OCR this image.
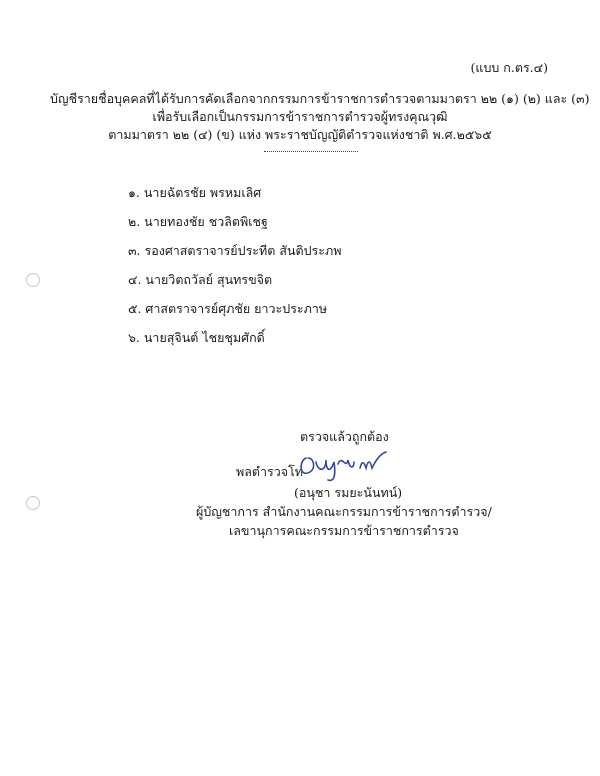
(แบบ ก.ตร.๔)
บัญชีรายชื่อบุคคลที่ได้รับการคัดเลือกจากกรรมการข้าราชการตำรวจตามมาตรา ๒๒ (๑) (๒) และ (๓)
เพื่อรับเลือกเป็นกรรมการข้าราชการตำรวจผู้ทรงคุณวุฒิ
ตามมาตรา ๒๒ (๔) (ข) แห่ง พระราชบัญญัติตำรวจแห่งชาติ พ.ศ.๒๕๖๕
๑. นายฉัตรชัย พรหมเลิศ
๒. นายทองชัย ชวลิตพิเชฐ
๓. รองศาสตราจารย์ประทีต สันติประภพ
๔. นายวิตถวัลย์ สุนทรขจิต
๕. ศาสตราจารย์ศุภชัย ยาวะประภาษ
๖. นายสุจินต์ ไชยชุมศักดิ์
ตรวจแล้วถูกต้อง
พลตำรวจโท
(อนุชา รมยะนันทน์)
ผู้บัญชาการ สำนักงานคณะกรรมการข้าราชการตำรวจ/
เลขานุการคณะกรรมการข้าราชการตำรวจ
